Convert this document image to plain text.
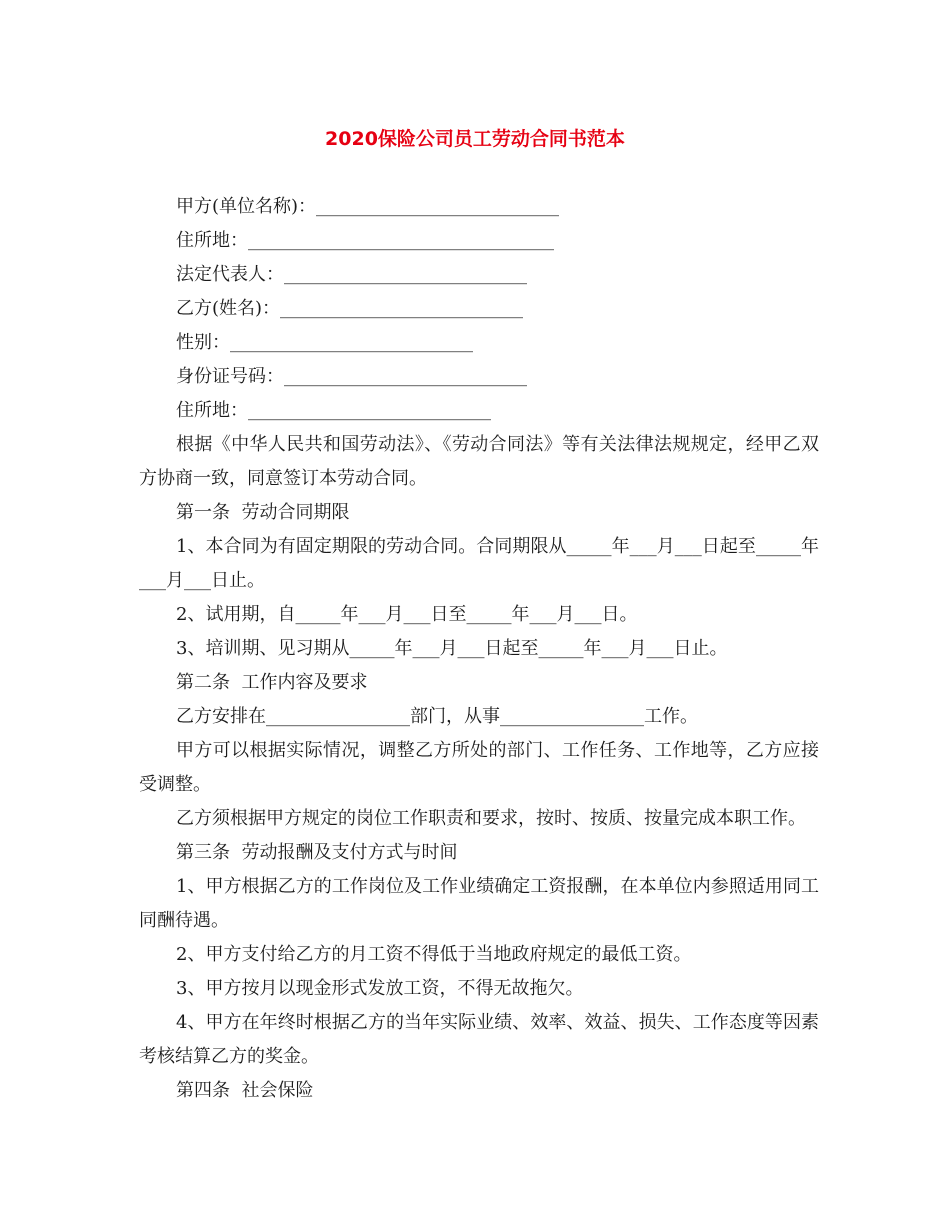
2020保险公司员工劳动合同书范本
甲方(单位名称)：___________________________
住所地：__________________________________
法定代表人：___________________________
乙方(姓名)：___________________________
性别：___________________________
身份证号码：___________________________
住所地：___________________________
根据《中华人民共和国劳动法》、《劳动合同法》等有关法律法规规定，经甲乙双方协商一致，同意签订本劳动合同。
第一条  劳动合同期限
1、本合同为有固定期限的劳动合同。合同期限从_____年___月___日起至_____年___月___日止。
2、试用期，自_____年___月___日至_____年___月___日。
3、培训期、见习期从_____年___月___日起至_____年___月___日止。
第二条  工作内容及要求
乙方安排在________________部门，从事________________工作。
甲方可以根据实际情况，调整乙方所处的部门、工作任务、工作地等，乙方应接受调整。
乙方须根据甲方规定的岗位工作职责和要求，按时、按质、按量完成本职工作。
第三条  劳动报酬及支付方式与时间
1、甲方根据乙方的工作岗位及工作业绩确定工资报酬，在本单位内参照适用同工同酬待遇。
2、甲方支付给乙方的月工资不得低于当地政府规定的最低工资。
3、甲方按月以现金形式发放工资，不得无故拖欠。
4、甲方在年终时根据乙方的当年实际业绩、效率、效益、损失、工作态度等因素考核结算乙方的奖金。
第四条  社会保险
